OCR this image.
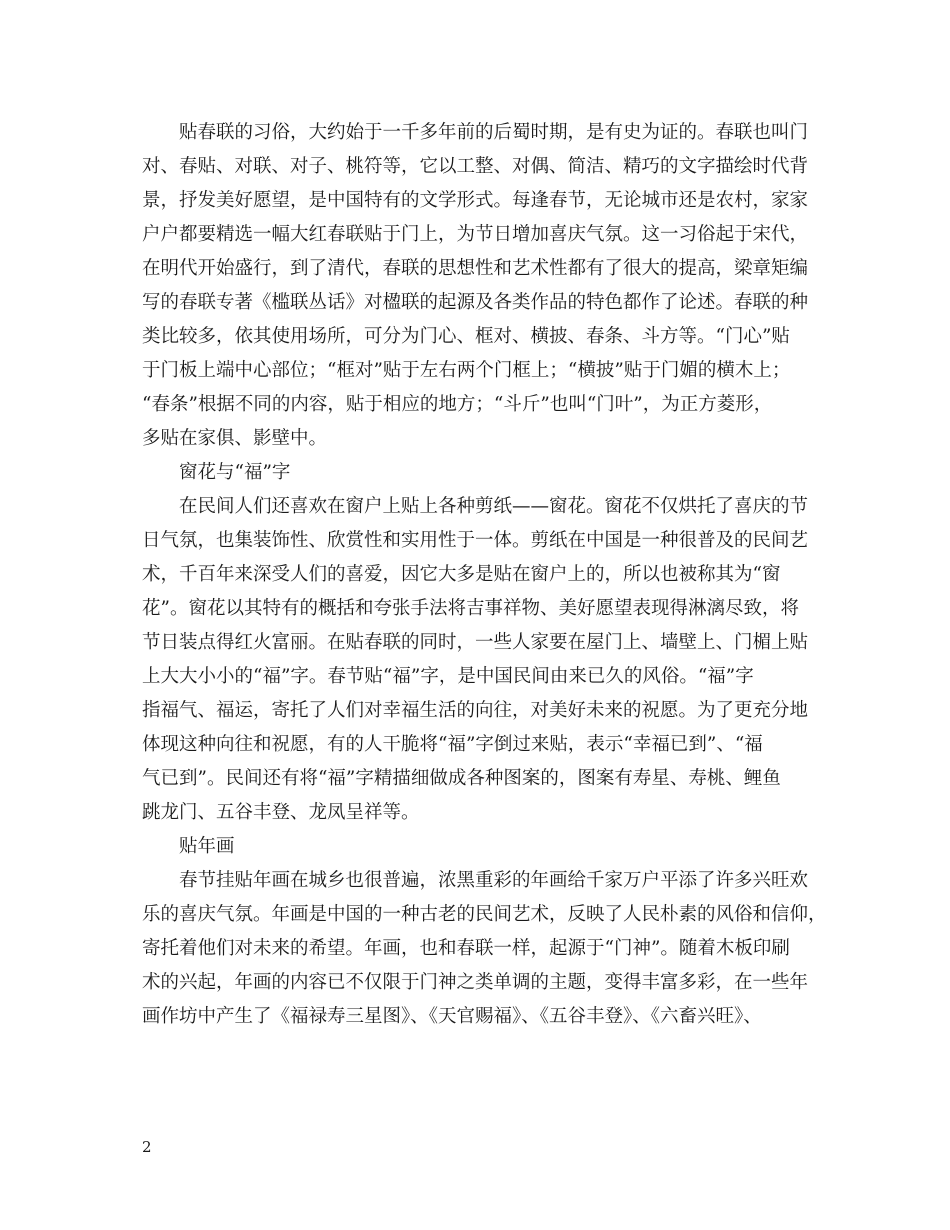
　　贴春联的习俗，大约始于一千多年前的后蜀时期，是有史为证的。春联也叫门
对、春贴、对联、对子、桃符等，它以工整、对偶、简洁、精巧的文字描绘时代背
景，抒发美好愿望，是中国特有的文学形式。每逢春节，无论城市还是农村，家家
户户都要精选一幅大红春联贴于门上，为节日增加喜庆气氛。这一习俗起于宋代，
在明代开始盛行，到了清代，春联的思想性和艺术性都有了很大的提高，梁章矩编
写的春联专著《槛联丛话》对楹联的起源及各类作品的特色都作了论述。春联的种
类比较多，依其使用场所，可分为门心、框对、横披、春条、斗方等。“门心”贴
于门板上端中心部位；“框对”贴于左右两个门框上；“横披”贴于门媚的横木上；
“春条”根据不同的内容，贴于相应的地方；“斗斤”也叫“门叶”，为正方菱形，
多贴在家俱、影壁中。
　　窗花与“福”字
　　在民间人们还喜欢在窗户上贴上各种剪纸——窗花。窗花不仅烘托了喜庆的节
日气氛，也集装饰性、欣赏性和实用性于一体。剪纸在中国是一种很普及的民间艺
术，千百年来深受人们的喜爱，因它大多是贴在窗户上的，所以也被称其为“窗
花”。窗花以其特有的概括和夸张手法将吉事祥物、美好愿望表现得淋漓尽致，将
节日装点得红火富丽。在贴春联的同时，一些人家要在屋门上、墙壁上、门楣上贴
上大大小小的“福”字。春节贴“福”字，是中国民间由来已久的风俗。“福”字
指福气、福运，寄托了人们对幸福生活的向往，对美好未来的祝愿。为了更充分地
体现这种向往和祝愿，有的人干脆将“福”字倒过来贴，表示“幸福已到”、“福
气已到”。民间还有将“福”字精描细做成各种图案的，图案有寿星、寿桃、鲤鱼
跳龙门、五谷丰登、龙凤呈祥等。
　　贴年画
　　春节挂贴年画在城乡也很普遍，浓黑重彩的年画给千家万户平添了许多兴旺欢
乐的喜庆气氛。年画是中国的一种古老的民间艺术，反映了人民朴素的风俗和信仰，
寄托着他们对未来的希望。年画，也和春联一样，起源于“门神”。随着木板印刷
术的兴起，年画的内容已不仅限于门神之类单调的主题，变得丰富多彩，在一些年
画作坊中产生了《福禄寿三星图》、《天官赐福》、《五谷丰登》、《六畜兴旺》、
2
